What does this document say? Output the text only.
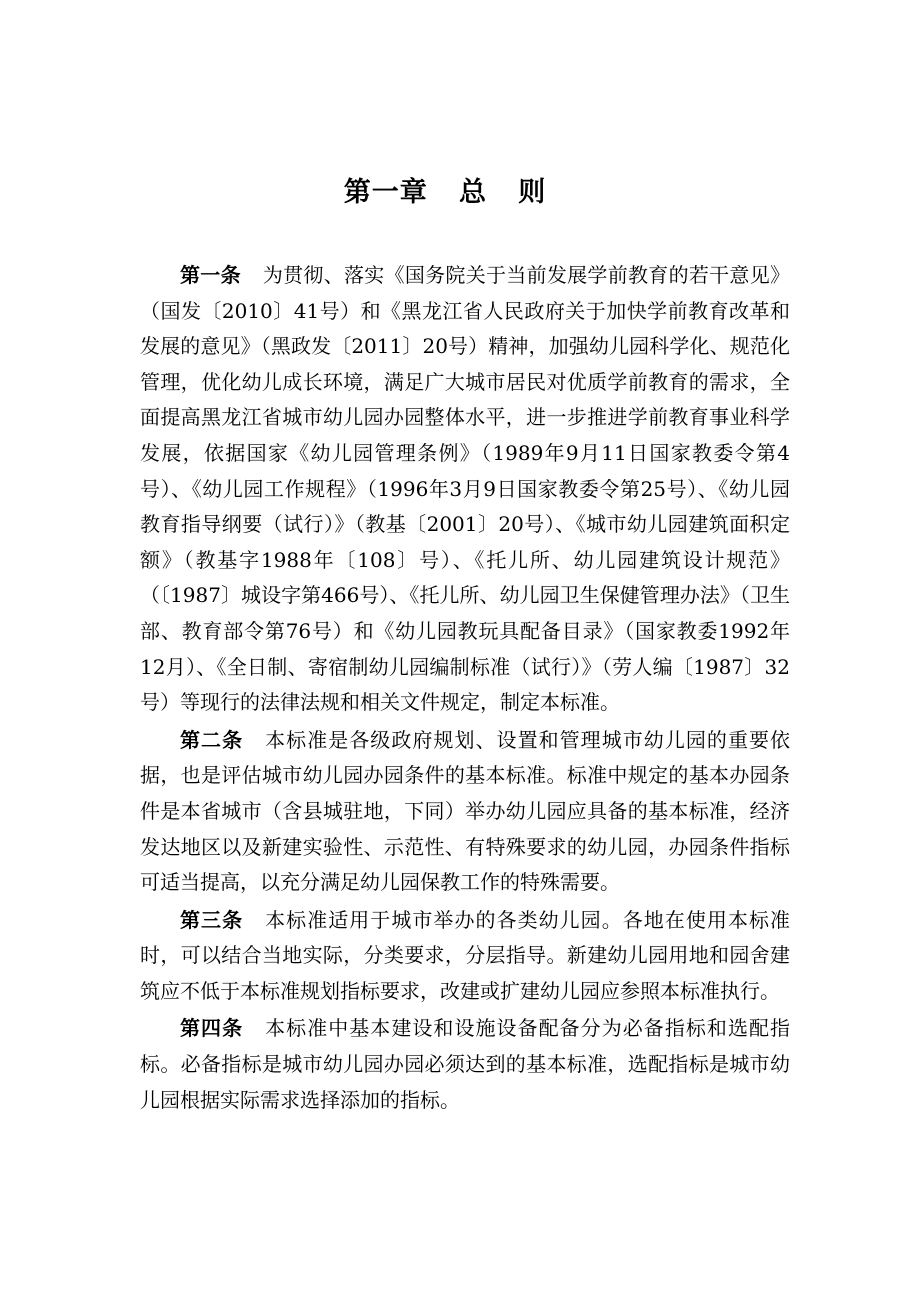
第一章   总   则

第一条 为贯彻、落实《国务院关于当前发展学前教育的若干意见》（国发〔2010〕41号）和《黑龙江省人民政府关于加快学前教育改革和发展的意见》（黑政发〔2011〕20号）精神，加强幼儿园科学化、规范化管理，优化幼儿成长环境，满足广大城市居民对优质学前教育的需求，全面提高黑龙江省城市幼儿园办园整体水平，进一步推进学前教育事业科学发展，依据国家《幼儿园管理条例》（1989年9月11日国家教委令第4号）、《幼儿园工作规程》（1996年3月9日国家教委令第25号）、《幼儿园教育指导纲要（试行）》（教基〔2001〕20号）、《城市幼儿园建筑面积定额》（教基字1988年〔108〕号）、《托儿所、幼儿园建筑设计规范》（〔1987〕城设字第466号）、《托儿所、幼儿园卫生保健管理办法》（卫生部、教育部令第76号）和《幼儿园教玩具配备目录》（国家教委1992年12月）、《全日制、寄宿制幼儿园编制标准（试行）》（劳人编〔1987〕32号）等现行的法律法规和相关文件规定，制定本标准。

第二条 本标准是各级政府规划、设置和管理城市幼儿园的重要依据，也是评估城市幼儿园办园条件的基本标准。标准中规定的基本办园条件是本省城市（含县城驻地，下同）举办幼儿园应具备的基本标准，经济发达地区以及新建实验性、示范性、有特殊要求的幼儿园，办园条件指标可适当提高，以充分满足幼儿园保教工作的特殊需要。

第三条 本标准适用于城市举办的各类幼儿园。各地在使用本标准时，可以结合当地实际，分类要求，分层指导。新建幼儿园用地和园舍建筑应不低于本标准规划指标要求，改建或扩建幼儿园应参照本标准执行。

第四条 本标准中基本建设和设施设备配备分为必备指标和选配指标。必备指标是城市幼儿园办园必须达到的基本标准，选配指标是城市幼儿园根据实际需求选择添加的指标。
